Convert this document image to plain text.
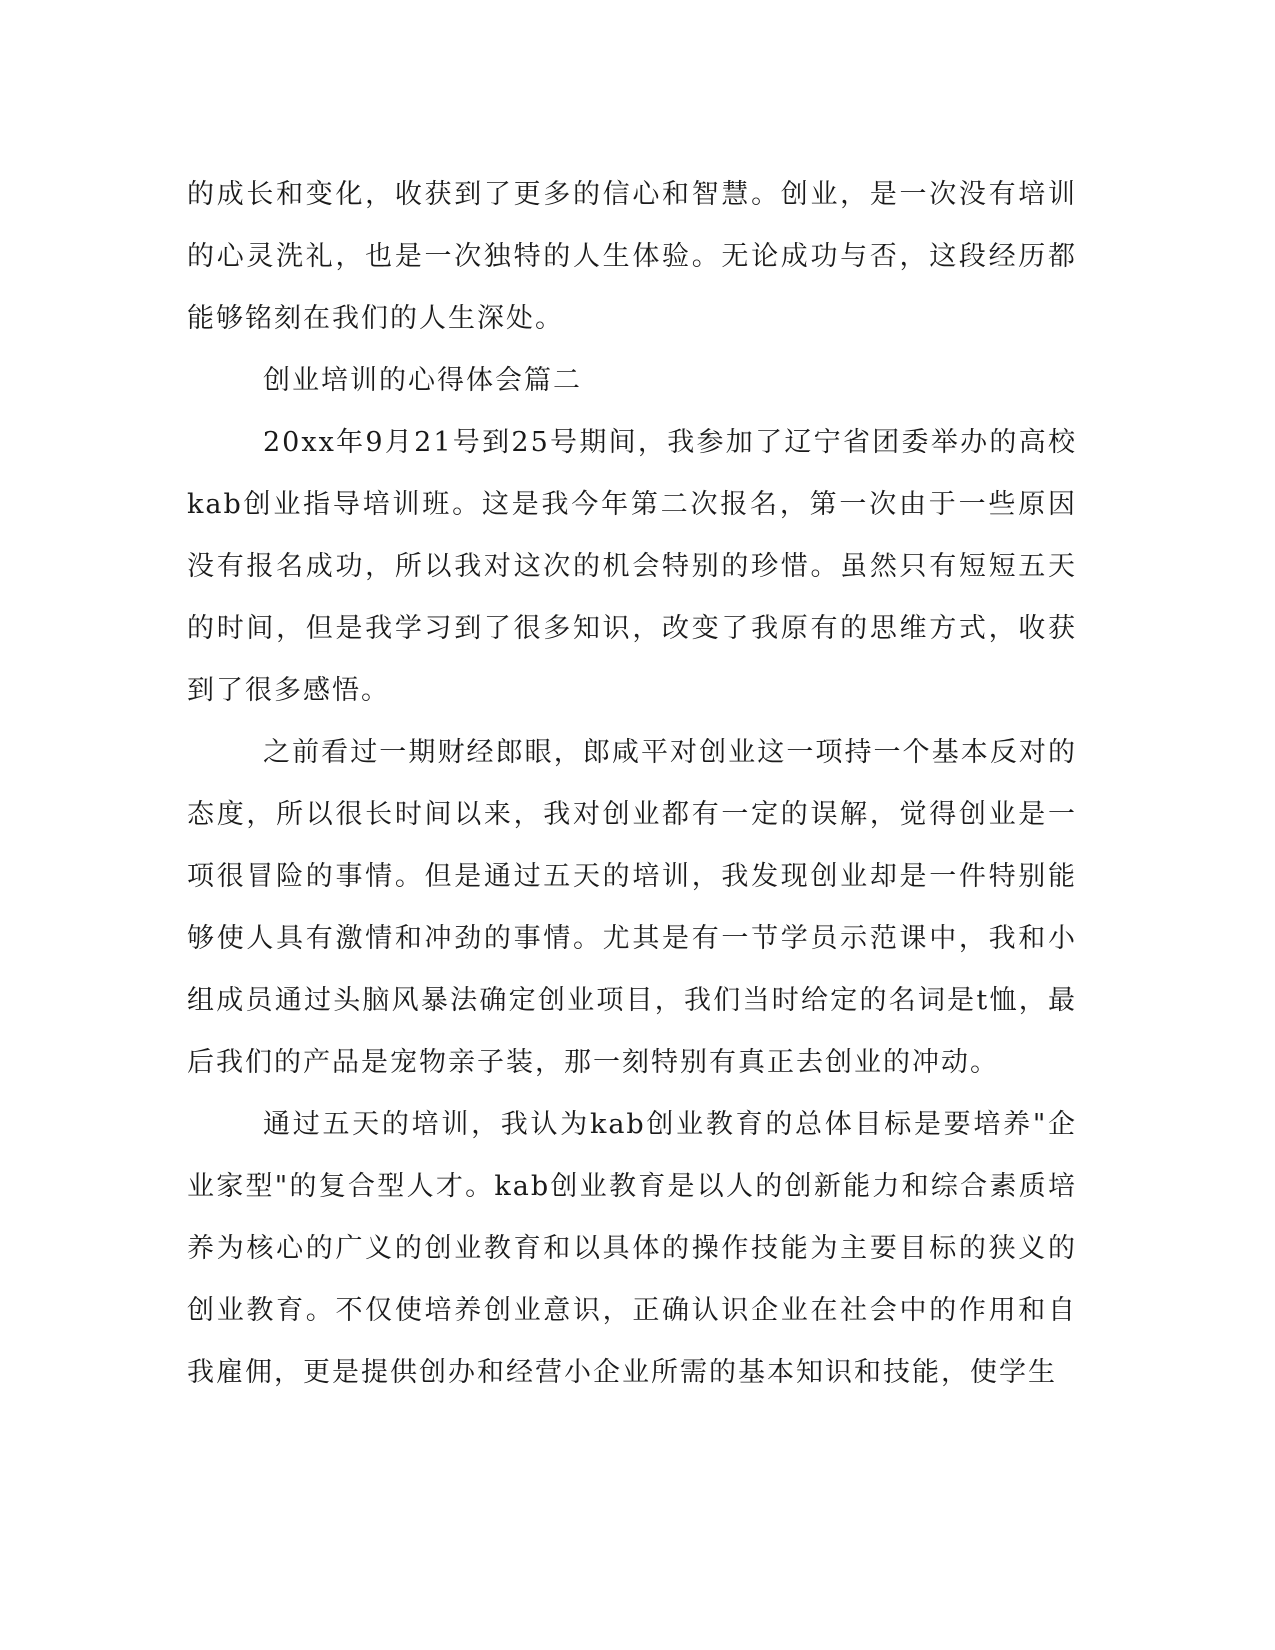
的成长和变化，收获到了更多的信心和智慧。创业，是一次没有培训的心灵洗礼，也是一次独特的人生体验。无论成功与否，这段经历都能够铭刻在我们的人生深处。

创业培训的心得体会篇二

20xx年9月21号到25号期间，我参加了辽宁省团委举办的高校kab创业指导培训班。这是我今年第二次报名，第一次由于一些原因没有报名成功，所以我对这次的机会特别的珍惜。虽然只有短短五天的时间，但是我学习到了很多知识，改变了我原有的思维方式，收获到了很多感悟。

之前看过一期财经郎眼，郎咸平对创业这一项持一个基本反对的态度，所以很长时间以来，我对创业都有一定的误解，觉得创业是一项很冒险的事情。但是通过五天的培训，我发现创业却是一件特别能够使人具有激情和冲劲的事情。尤其是有一节学员示范课中，我和小组成员通过头脑风暴法确定创业项目，我们当时给定的名词是t恤，最后我们的产品是宠物亲子装，那一刻特别有真正去创业的冲动。

通过五天的培训，我认为kab创业教育的总体目标是要培养"企业家型"的复合型人才。kab创业教育是以人的创新能力和综合素质培养为核心的广义的创业教育和以具体的操作技能为主要目标的狭义的创业教育。不仅使培养创业意识，正确认识企业在社会中的作用和自我雇佣，更是提供创办和经营小企业所需的基本知识和技能，使学生
